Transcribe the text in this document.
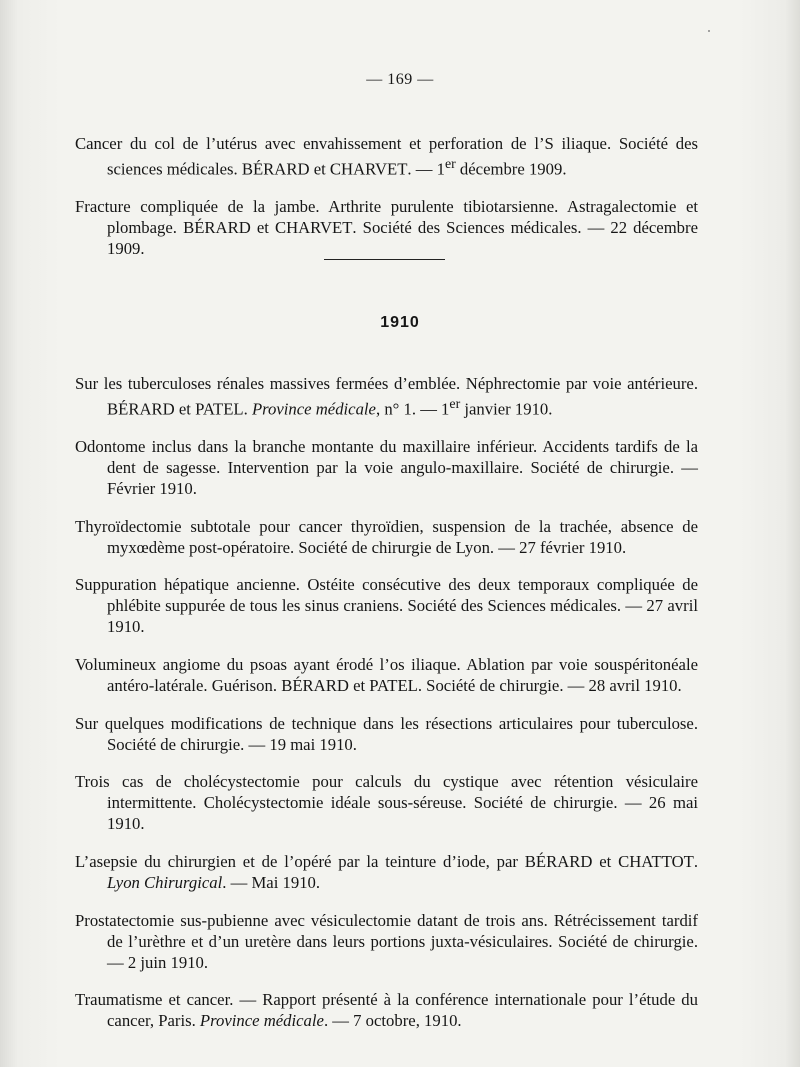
— 169 —

Cancer du col de l’utérus avec envahissement et perforation de l’S iliaque. Société des sciences médicales. BÉRARD et CHARVET. — 1er décembre 1909.

Fracture compliquée de la jambe. Arthrite purulente tibiotarsienne. Astragalectomie et plombage. BÉRARD et CHARVET. Société des Sciences médicales. — 22 décembre 1909.

1910

Sur les tuberculoses rénales massives fermées d’emblée. Néphrectomie par voie antérieure. BÉRARD et PATEL. Province médicale, n° 1. — 1er janvier 1910.

Odontome inclus dans la branche montante du maxillaire inférieur. Accidents tardifs de la dent de sagesse. Intervention par la voie angulo-maxillaire. Société de chirurgie. — Février 1910.

Thyroïdectomie subtotale pour cancer thyroïdien, suspension de la trachée, absence de myxœdème post-opératoire. Société de chirurgie de Lyon. — 27 février 1910.

Suppuration hépatique ancienne. Ostéite consécutive des deux temporaux compliquée de phlébite suppurée de tous les sinus craniens. Société des Sciences médicales. — 27 avril 1910.

Volumineux angiome du psoas ayant érodé l’os iliaque. Ablation par voie souspéritonéale antéro-latérale. Guérison. BÉRARD et PATEL. Société de chirurgie. — 28 avril 1910.

Sur quelques modifications de technique dans les résections articulaires pour tuberculose. Société de chirurgie. — 19 mai 1910.

Trois cas de cholécystectomie pour calculs du cystique avec rétention vésiculaire intermittente. Cholécystectomie idéale sous-séreuse. Société de chirurgie. — 26 mai 1910.

L’asepsie du chirurgien et de l’opéré par la teinture d’iode, par BÉRARD et CHATTOT. Lyon Chirurgical. — Mai 1910.

Prostatectomie sus-pubienne avec vésiculectomie datant de trois ans. Rétrécissement tardif de l’urèthre et d’un uretère dans leurs portions juxta-vésiculaires. Société de chirurgie. — 2 juin 1910.

Traumatisme et cancer. — Rapport présenté à la conférence internationale pour l’étude du cancer, Paris. Province médicale. — 7 octobre, 1910.
